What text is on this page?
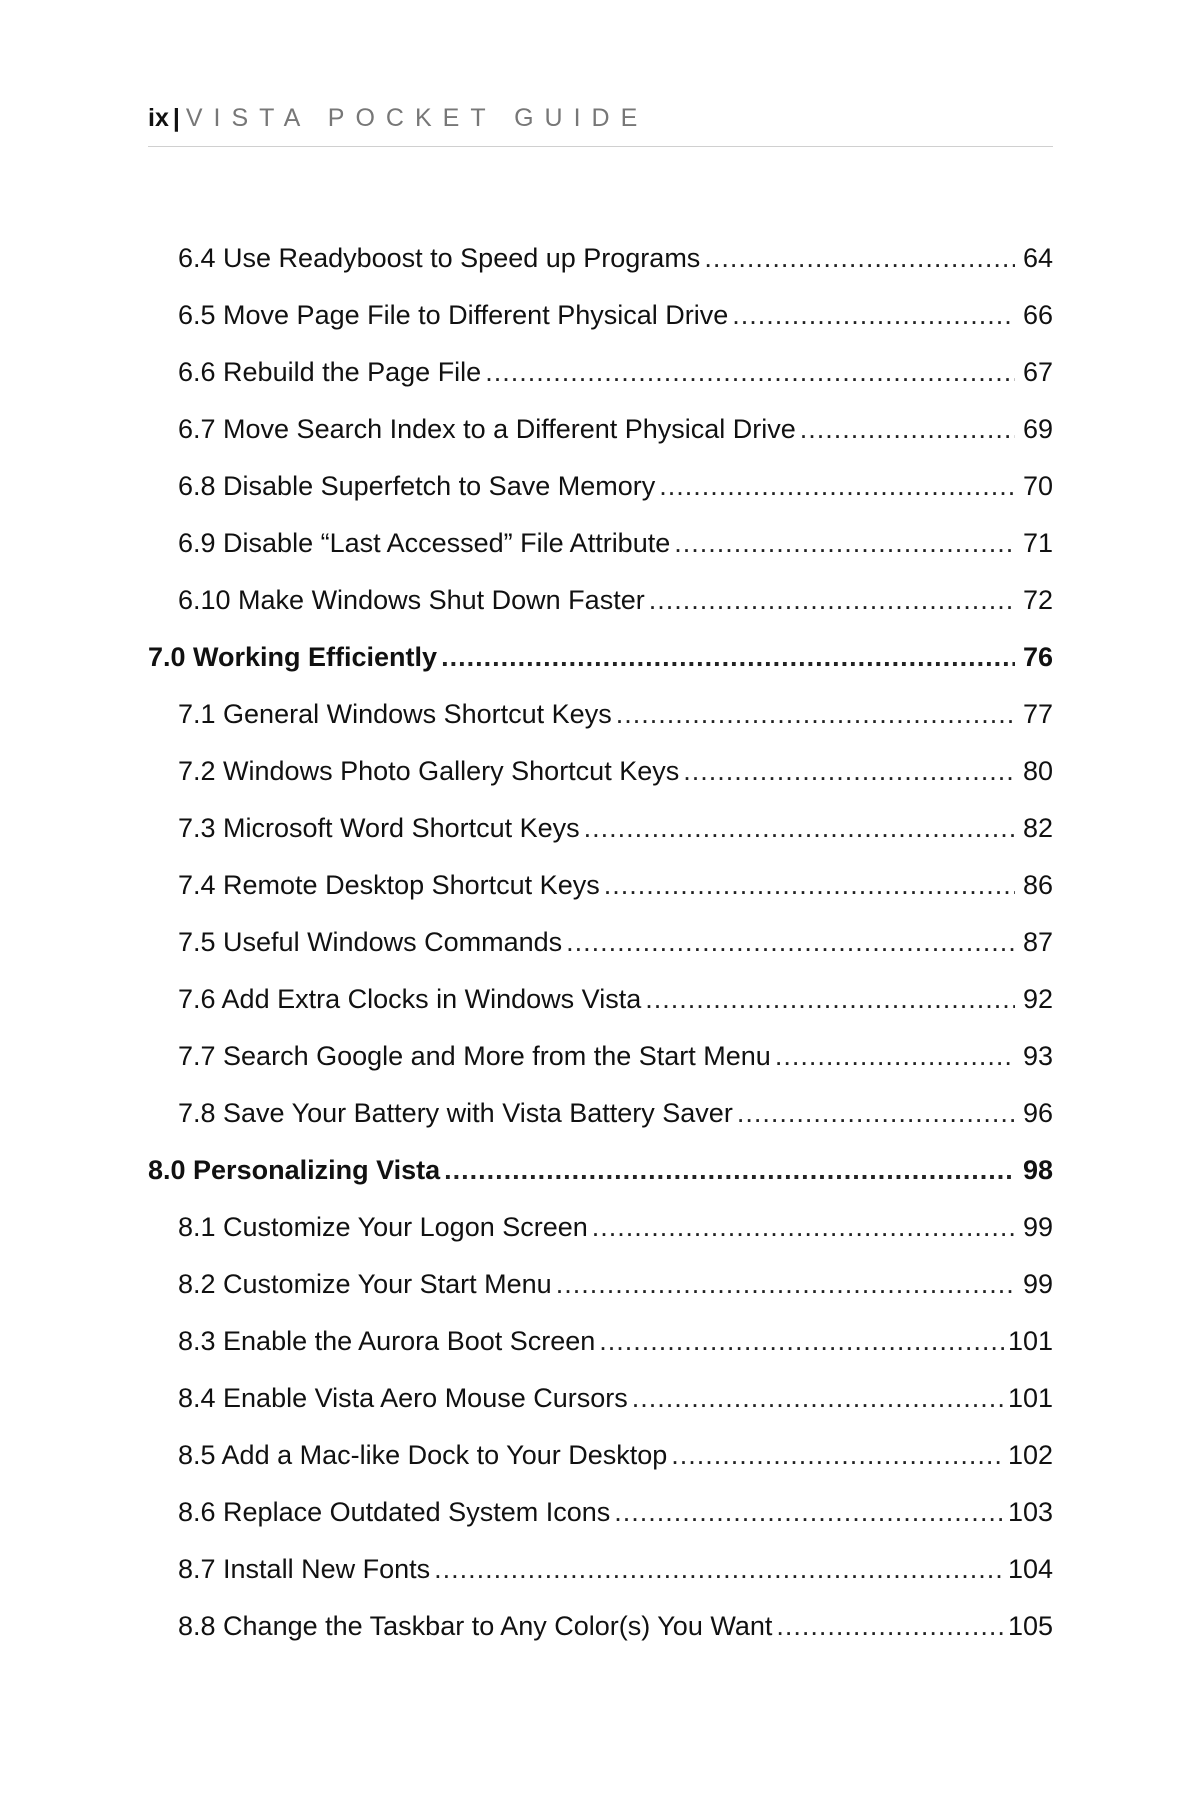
ix | VISTA POCKET GUIDE
6.4 Use Readyboost to Speed up Programs .....	64
6.5 Move Page File to Different Physical Drive .....	66
6.6 Rebuild the Page File .....	67
6.7 Move Search Index to a Different Physical Drive .....	69
6.8 Disable Superfetch to Save Memory .....	70
6.9 Disable “Last Accessed” File Attribute .....	71
6.10 Make Windows Shut Down Faster .....	72
7.0 Working Efficiently .....	76
7.1 General Windows Shortcut Keys .....	77
7.2 Windows Photo Gallery Shortcut Keys .....	80
7.3 Microsoft Word Shortcut Keys .....	82
7.4 Remote Desktop Shortcut Keys .....	86
7.5 Useful Windows Commands .....	87
7.6 Add Extra Clocks in Windows Vista .....	92
7.7 Search Google and More from the Start Menu .....	93
7.8 Save Your Battery with Vista Battery Saver .....	96
8.0 Personalizing Vista .....	98
8.1 Customize Your Logon Screen .....	99
8.2 Customize Your Start Menu .....	99
8.3 Enable the Aurora Boot Screen .....	101
8.4 Enable Vista Aero Mouse Cursors .....	101
8.5 Add a Mac-like Dock to Your Desktop .....	102
8.6 Replace Outdated System Icons .....	103
8.7 Install New Fonts .....	104
8.8 Change the Taskbar to Any Color(s) You Want .....	105
